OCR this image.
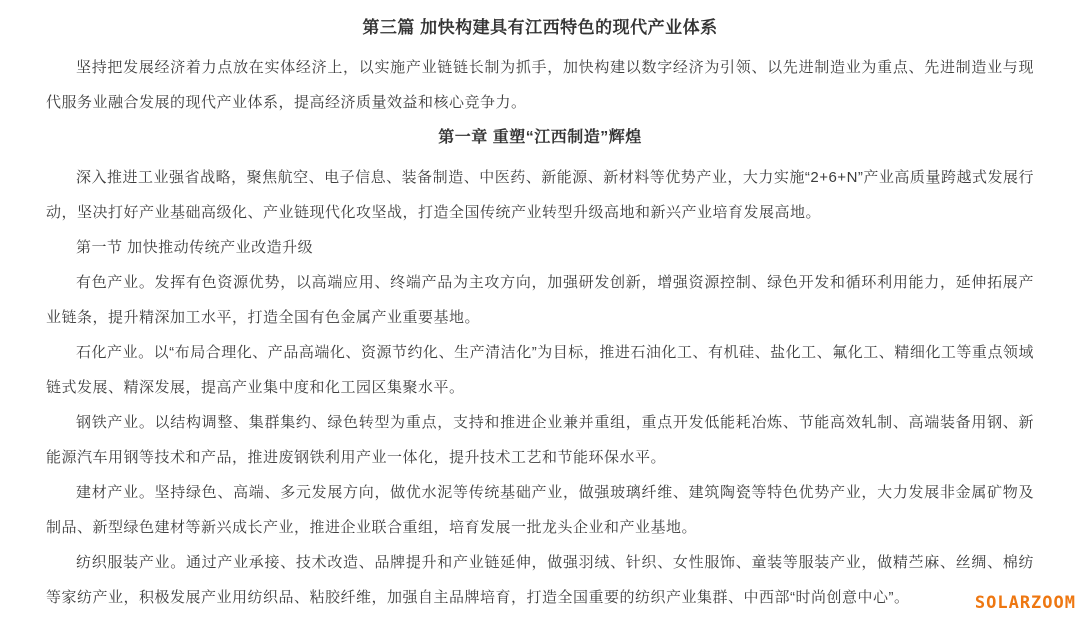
第三篇 加快构建具有江西特色的现代产业体系

坚持把发展经济着力点放在实体经济上，以实施产业链链长制为抓手，加快构建以数字经济为引领、以先进制造业为重点、先进制造业与现代服务业融合发展的现代产业体系，提高经济质量效益和核心竞争力。

第一章 重塑“江西制造”辉煌

深入推进工业强省战略，聚焦航空、电子信息、装备制造、中医药、新能源、新材料等优势产业，大力实施“2+6+N”产业高质量跨越式发展行动，坚决打好产业基础高级化、产业链现代化攻坚战，打造全国传统产业转型升级高地和新兴产业培育发展高地。

第一节 加快推动传统产业改造升级

有色产业。发挥有色资源优势，以高端应用、终端产品为主攻方向，加强研发创新，增强资源控制、绿色开发和循环利用能力，延伸拓展产业链条，提升精深加工水平，打造全国有色金属产业重要基地。

石化产业。以“布局合理化、产品高端化、资源节约化、生产清洁化”为目标，推进石油化工、有机硅、盐化工、氟化工、精细化工等重点领域链式发展、精深发展，提高产业集中度和化工园区集聚水平。

钢铁产业。以结构调整、集群集约、绿色转型为重点，支持和推进企业兼并重组，重点开发低能耗冶炼、节能高效轧制、高端装备用钢、新能源汽车用钢等技术和产品，推进废钢铁利用产业一体化，提升技术工艺和节能环保水平。

建材产业。坚持绿色、高端、多元发展方向，做优水泥等传统基础产业，做强玻璃纤维、建筑陶瓷等特色优势产业，大力发展非金属矿物及制品、新型绿色建材等新兴成长产业，推进企业联合重组，培育发展一批龙头企业和产业基地。

纺织服装产业。通过产业承接、技术改造、品牌提升和产业链延伸，做强羽绒、针织、女性服饰、童装等服装产业，做精苎麻、丝绸、棉纺等家纺产业，积极发展产业用纺织品、粘胶纤维，加强自主品牌培育，打造全国重要的纺织产业集群、中西部“时尚创意中心”。	SOLARZOOM
